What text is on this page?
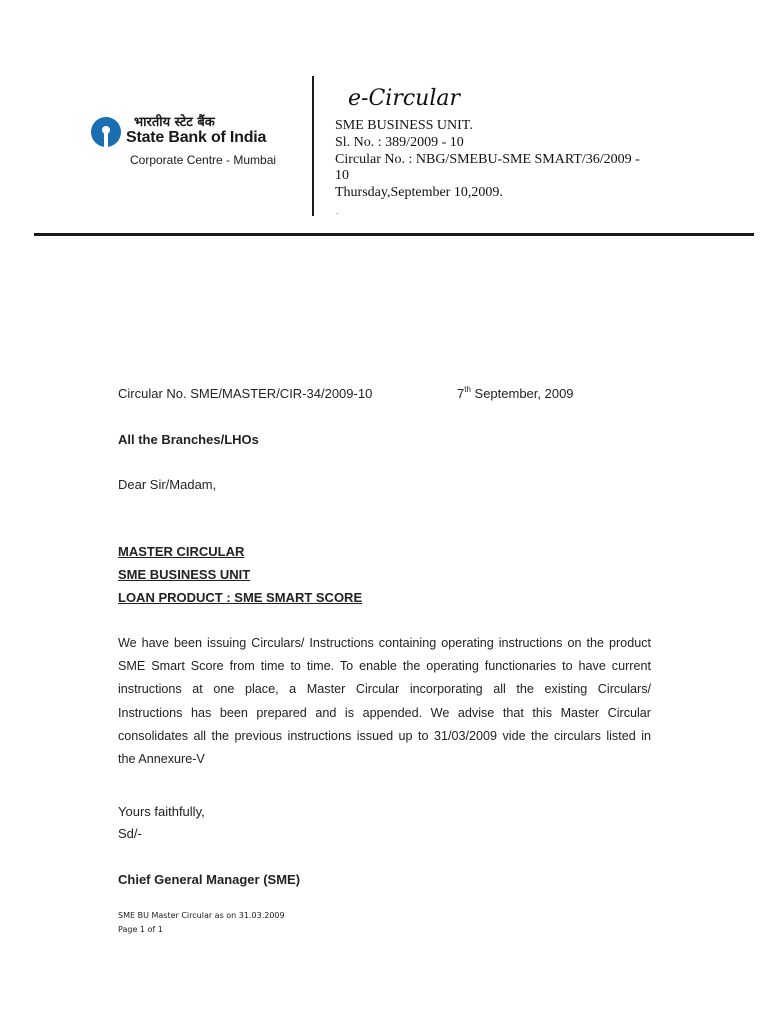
भारतीय स्टेट बैंक
State Bank of India
Corporate Centre - Mumbai
e-Circular
SME BUSINESS UNIT.
Sl. No. : 389/2009 - 10
Circular No. : NBG/SMEBU-SME SMART/36/2009 -
10
Thursday,September 10,2009.
.
Circular No. SME/MASTER/CIR-34/2009-10	7th September, 2009
All the Branches/LHOs
Dear Sir/Madam,
MASTER CIRCULAR
SME BUSINESS UNIT
LOAN PRODUCT : SME SMART SCORE
We have been issuing Circulars/ Instructions containing operating instructions on the product
SME Smart Score from time to time. To enable the operating functionaries to have current
instructions at one place, a Master Circular incorporating all the existing Circulars/
Instructions has been prepared and is appended. We advise that this Master Circular
consolidates all the previous instructions issued up to 31/03/2009 vide the circulars listed in
the Annexure-V
Yours faithfully,
Sd/-
Chief General Manager (SME)
SME BU Master Circular as on 31.03.2009
Page 1 of 1
